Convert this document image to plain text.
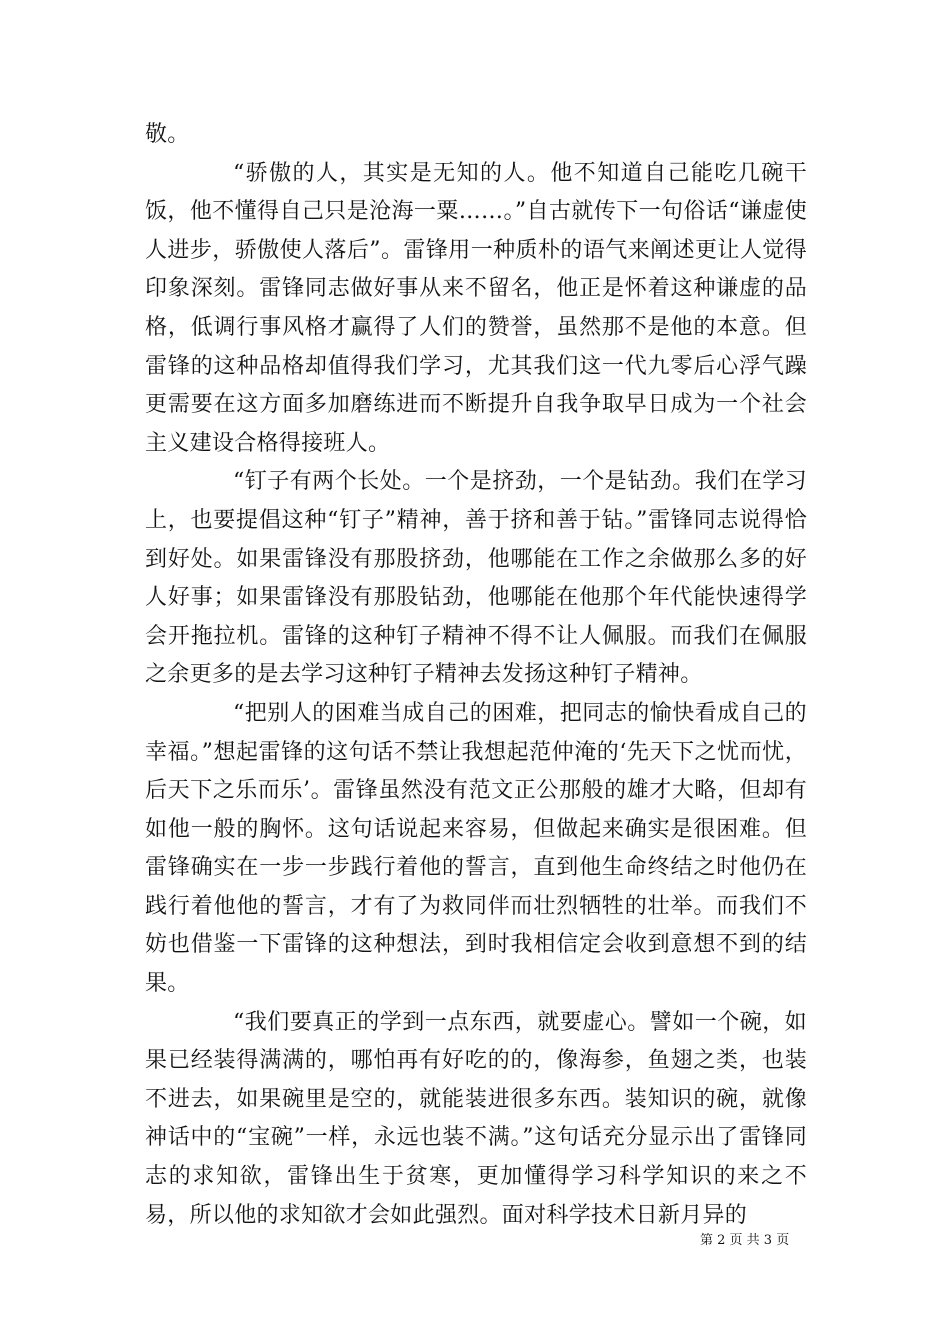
敬。

“骄傲的人，其实是无知的人。他不知道自己能吃几碗干饭，他不懂得自己只是沧海一粟……。”自古就传下一句俗话“谦虚使人进步，骄傲使人落后”。雷锋用一种质朴的语气来阐述更让人觉得印象深刻。雷锋同志做好事从来不留名，他正是怀着这种谦虚的品格，低调行事风格才赢得了人们的赞誉，虽然那不是他的本意。但雷锋的这种品格却值得我们学习，尤其我们这一代九零后心浮气躁更需要在这方面多加磨练进而不断提升自我争取早日成为一个社会主义建设合格得接班人。

“钉子有两个长处。一个是挤劲，一个是钻劲。我们在学习上，也要提倡这种“钉子”精神，善于挤和善于钻。”雷锋同志说得恰到好处。如果雷锋没有那股挤劲，他哪能在工作之余做那么多的好人好事；如果雷锋没有那股钻劲，他哪能在他那个年代能快速得学会开拖拉机。雷锋的这种钉子精神不得不让人佩服。而我们在佩服之余更多的是去学习这种钉子精神去发扬这种钉子精神。

“把别人的困难当成自己的困难，把同志的愉快看成自己的幸福。”想起雷锋的这句话不禁让我想起范仲淹的‘先天下之忧而忧，后天下之乐而乐’。雷锋虽然没有范文正公那般的雄才大略，但却有如他一般的胸怀。这句话说起来容易，但做起来确实是很困难。但雷锋确实在一步一步践行着他的誓言，直到他生命终结之时他仍在践行着他他的誓言，才有了为救同伴而壮烈牺牲的壮举。而我们不妨也借鉴一下雷锋的这种想法，到时我相信定会收到意想不到的结果。

“我们要真正的学到一点东西，就要虚心。譬如一个碗，如果已经装得满满的，哪怕再有好吃的的，像海参，鱼翅之类，也装不进去，如果碗里是空的，就能装进很多东西。装知识的碗，就像神话中的“宝碗”一样，永远也装不满。”这句话充分显示出了雷锋同志的求知欲，雷锋出生于贫寒，更加懂得学习科学知识的来之不易，所以他的求知欲才会如此强烈。面对科学技术日新月异的

第 2 页 共 3 页
